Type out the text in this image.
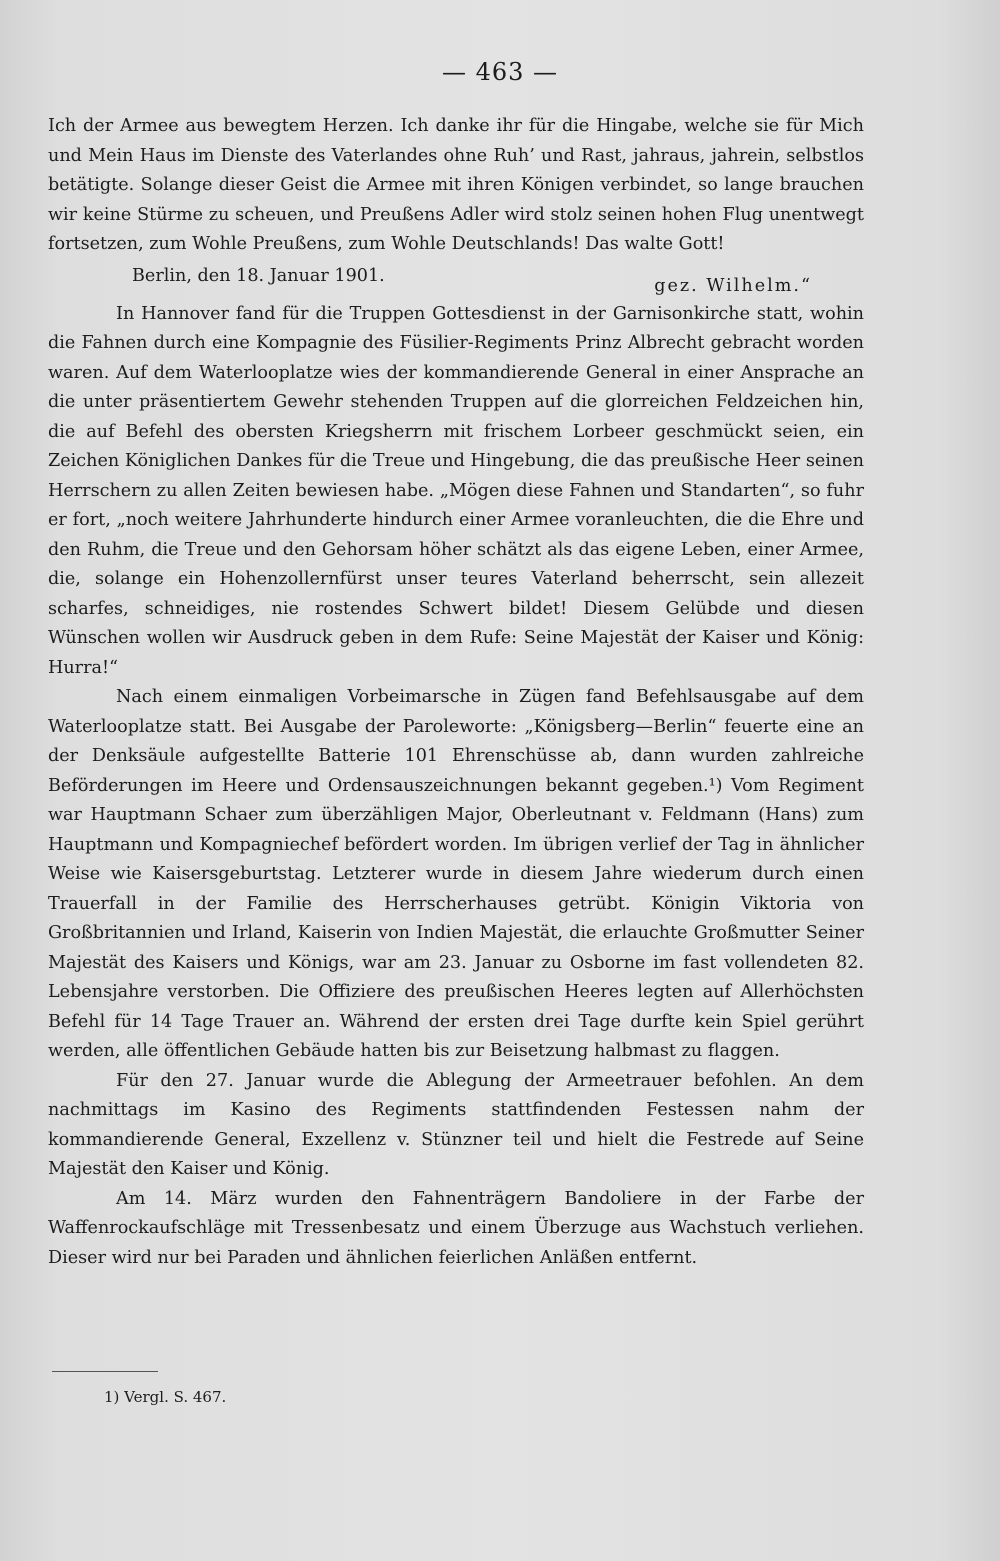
— 463 —

Ich der Armee aus bewegtem Herzen. Ich danke ihr für die Hingabe, welche sie für Mich und Mein Haus im Dienste des Vaterlandes ohne Ruh’ und Rast, jahraus, jahrein, selbstlos betätigte. Solange dieser Geist die Armee mit ihren Königen verbindet, so lange brauchen wir keine Stürme zu scheuen, und Preußens Adler wird stolz seinen hohen Flug unentwegt fortsetzen, zum Wohle Preußens, zum Wohle Deutschlands! Das walte Gott!

Berlin, den 18. Januar 1901.	gez. Wilhelm.“

In Hannover fand für die Truppen Gottesdienst in der Garnisonkirche statt, wohin die Fahnen durch eine Kompagnie des Füsilier-Regiments Prinz Albrecht gebracht worden waren. Auf dem Waterlooplatze wies der kommandierende General in einer Ansprache an die unter präsentiertem Gewehr stehenden Truppen auf die glorreichen Feldzeichen hin, die auf Befehl des obersten Kriegsherrn mit frischem Lorbeer geschmückt seien, ein Zeichen Königlichen Dankes für die Treue und Hingebung, die das preußische Heer seinen Herrschern zu allen Zeiten bewiesen habe. „Mögen diese Fahnen und Standarten“, so fuhr er fort, „noch weitere Jahrhunderte hindurch einer Armee voranleuchten, die die Ehre und den Ruhm, die Treue und den Gehorsam höher schätzt als das eigene Leben, einer Armee, die, solange ein Hohenzollernfürst unser teures Vaterland beherrscht, sein allezeit scharfes, schneidiges, nie rostendes Schwert bildet! Diesem Gelübde und diesen Wünschen wollen wir Ausdruck geben in dem Rufe: Seine Majestät der Kaiser und König: Hurra!“

Nach einem einmaligen Vorbeimarsche in Zügen fand Befehlsausgabe auf dem Waterlooplatze statt. Bei Ausgabe der Paroleworte: „Königsberg—Berlin“ feuerte eine an der Denksäule aufgestellte Batterie 101 Ehrenschüsse ab, dann wurden zahlreiche Beförderungen im Heere und Ordensauszeichnungen bekannt gegeben.¹) Vom Regiment war Hauptmann Schaer zum überzähligen Major, Oberleutnant v. Feldmann (Hans) zum Hauptmann und Kompagniechef befördert worden. Im übrigen verlief der Tag in ähnlicher Weise wie Kaisersgeburtstag. Letzterer wurde in diesem Jahre wiederum durch einen Trauerfall in der Familie des Herrscherhauses getrübt. Königin Viktoria von Großbritannien und Irland, Kaiserin von Indien Majestät, die erlauchte Großmutter Seiner Majestät des Kaisers und Königs, war am 23. Januar zu Osborne im fast vollendeten 82. Lebensjahre verstorben. Die Offiziere des preußischen Heeres legten auf Allerhöchsten Befehl für 14 Tage Trauer an. Während der ersten drei Tage durfte kein Spiel gerührt werden, alle öffentlichen Gebäude hatten bis zur Beisetzung halbmast zu flaggen.

Für den 27. Januar wurde die Ablegung der Armeetrauer befohlen. An dem nachmittags im Kasino des Regiments stattfindenden Festessen nahm der kommandierende General, Exzellenz v. Stünzner teil und hielt die Festrede auf Seine Majestät den Kaiser und König.

Am 14. März wurden den Fahnenträgern Bandoliere in der Farbe der Waffenrockaufschläge mit Tressenbesatz und einem Überzuge aus Wachstuch verliehen. Dieser wird nur bei Paraden und ähnlichen feierlichen Anläßen entfernt.

1) Vergl. S. 467.
